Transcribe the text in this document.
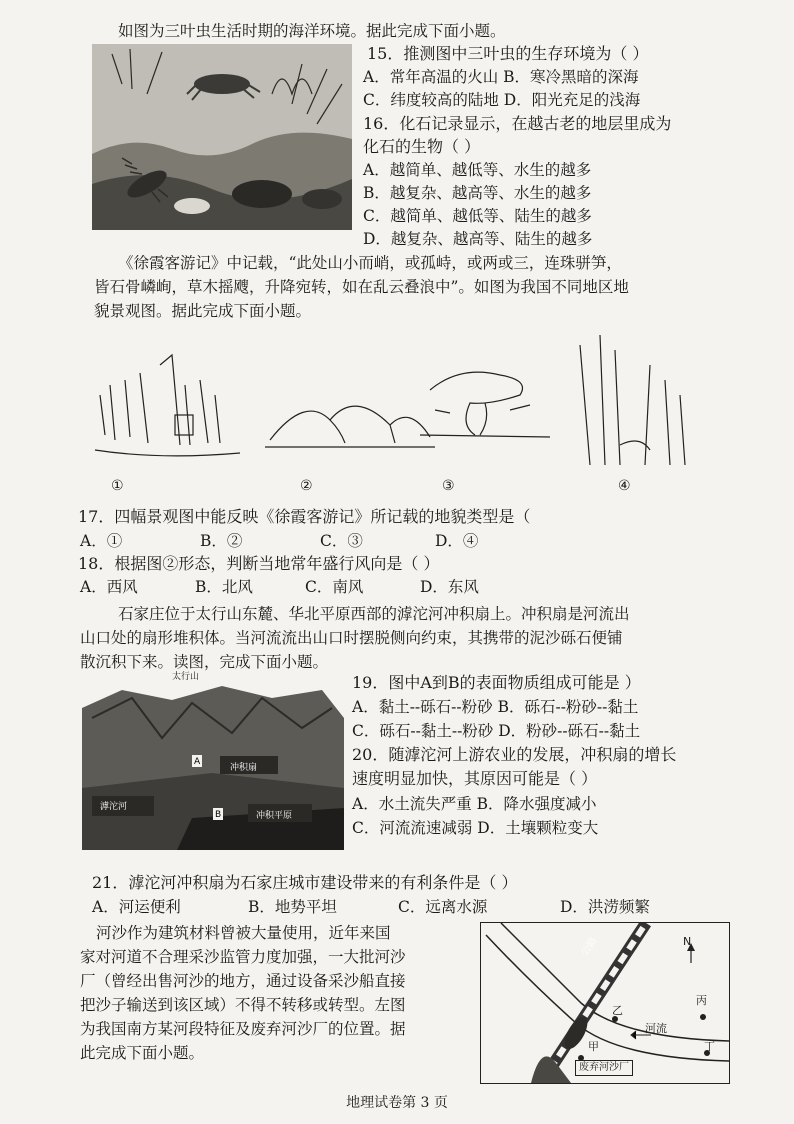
如图为三叶虫生活时期的海洋环境。据此完成下面小题。
15．推测图中三叶虫的生存环境为（ ）
A．常年高温的火山 B．寒冷黑暗的深海
C．纬度较高的陆地 D．阳光充足的浅海
16．化石记录显示，在越古老的地层里成为
化石的生物（ ）
A．越简单、越低等、水生的越多
B．越复杂、越高等、水生的越多
C．越简单、越低等、陆生的越多
D．越复杂、越高等、陆生的越多
《徐霞客游记》中记载，“此处山小而峭，或孤峙，或两或三，连珠骈笋，
皆石骨嶙峋，草木摇飕，升降宛转，如在乱云叠浪中”。如图为我国不同地区地
貌景观图。据此完成下面小题。
①	②	③	④
17．四幅景观图中能反映《徐霞客游记》所记载的地貌类型是（
A．①	B．②	C．③	D．④
18．根据图②形态，判断当地常年盛行风向是（ ）
A．西风	B．北风	C．南风	D．东风
石家庄位于太行山东麓、华北平原西部的滹沱河冲积扇上。冲积扇是河流出
山口处的扇形堆积体。当河流流出山口时摆脱侧向约束，其携带的泥沙砾石便铺
散沉积下来。读图，完成下面小题。
太行山
滹沱河
冲积扇
冲积平原
A
B
19．图中A到B的表面物质组成可能是 ）
A．黏土--砾石--粉砂 B．砾石--粉砂--黏土
C．砾石--黏土--粉砂 D．粉砂--砾石--黏土
20．随滹沱河上游农业的发展，冲积扇的增长
速度明显加快，其原因可能是（ ）
A．水土流失严重 B．降水强度减小
C．河流流速减弱 D．土壤颗粒变大
21．滹沱河冲积扇为石家庄城市建设带来的有利条件是（ ）
A．河运便利	B．地势平坦	C．远离水源	D．洪涝频繁
河沙作为建筑材料曾被大量使用，近年来国
家对河道不合理采沙监管力度加强，一大批河沙
厂（曾经出售河沙的地方，通过设备采沙船直接
把沙子输送到该区域）不得不转移或转型。左图
为我国南方某河段特征及废弃河沙厂的位置。据
此完成下面小题。
N
公路
河流
甲
乙
丙
丁
废弃河沙厂
地理试卷第 3 页
